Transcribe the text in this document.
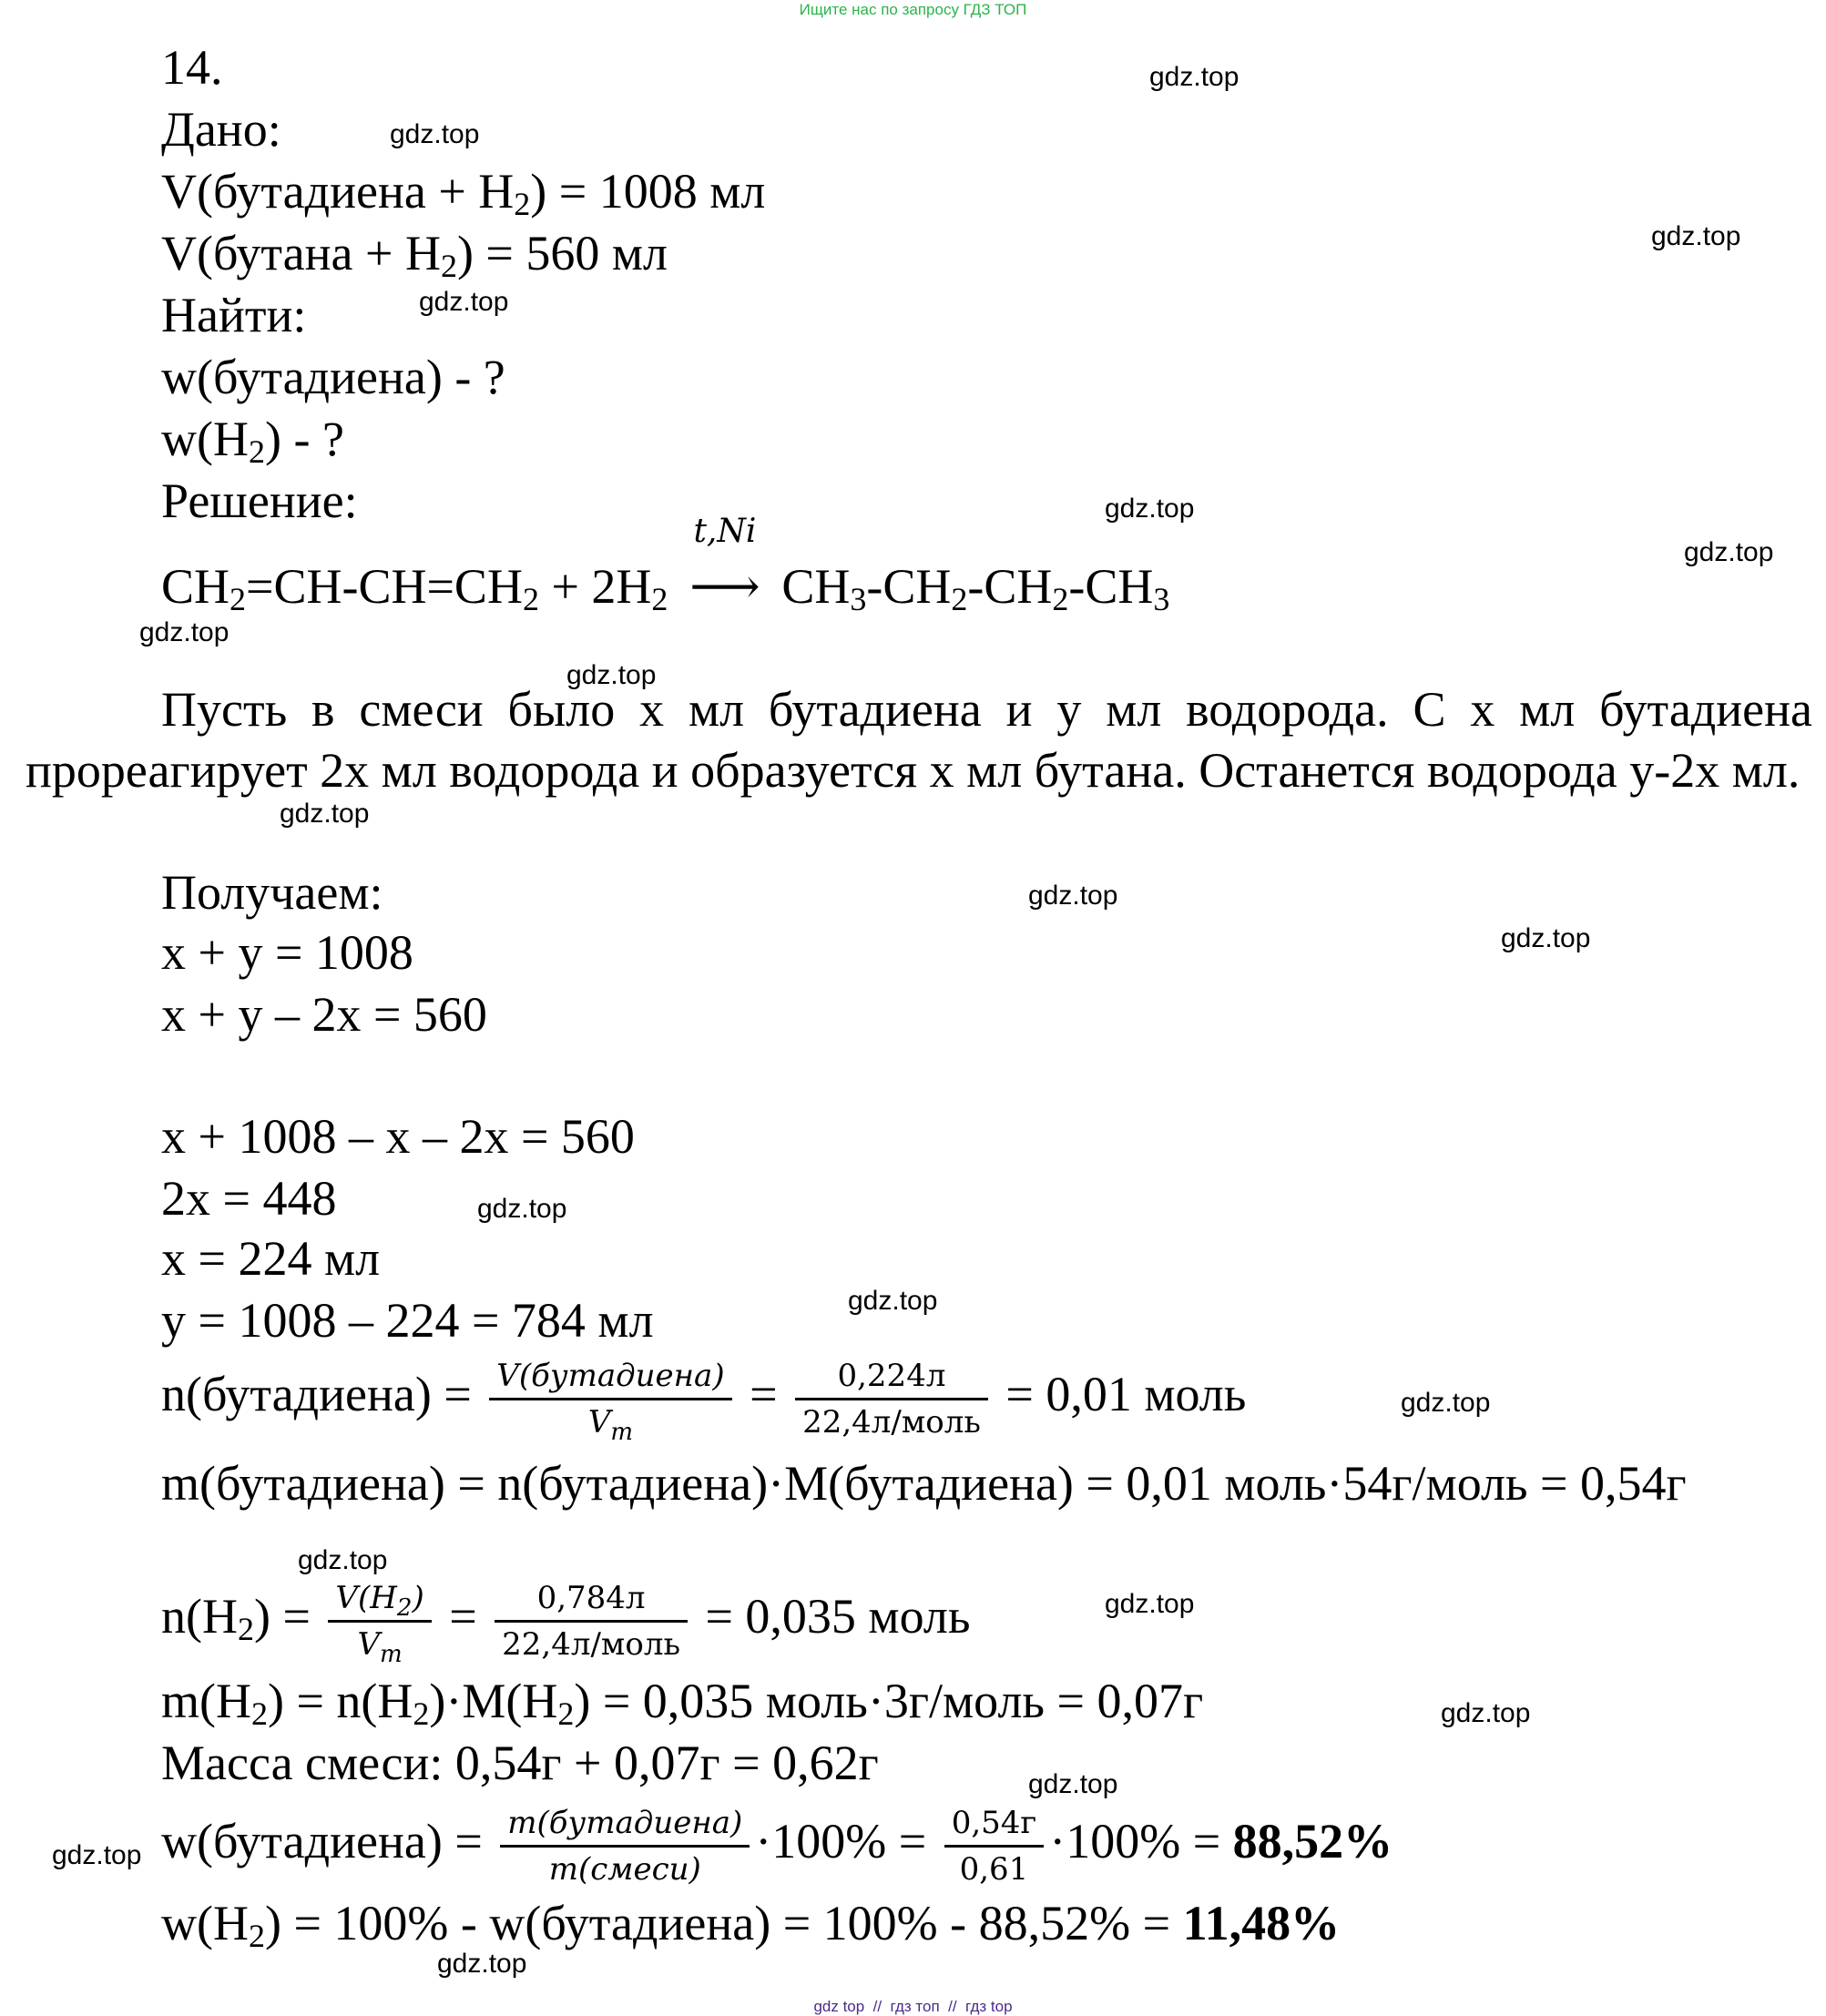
Ищите нас по запросу ГДЗ ТОП
gdz.top
gdz.top
gdz.top
gdz.top
gdz.top
gdz.top
gdz.top
gdz.top
gdz.top
gdz.top
gdz.top
gdz.top
gdz.top
gdz.top
gdz.top
gdz.top
gdz.top
gdz.top
gdz.top
gdz.top
14.
Дано:
V(бутадиена + $H_2) = 1008$ мл
V(бутана + $H_2) = 560$ мл
Найти:
w(бутадиена) - ?
$w(H_2)$ - ?
Решение:
$CH_2=CH-CH=CH_2 + 2H_2$
t,Ni
⟶ $CH_3-CH_2-CH_2-CH_3$
Пусть в смеси было x мл бутадиена и y мл водорода. С x мл бутадиена прореагирует 2x мл водорода и образуется x мл бутана. Останется водорода y-2x мл.
Получаем:
x + y = 1008
x + y – 2x = 560
x + 1008 – x – 2x = 560
2x = 448
x = 224 мл
y = 1008 – 224 = 784 мл
n(бутадиена) = $\frac{\text{V(бутадиена)}}{V_m} = \frac{0,224л}{\text{22,4л/моль}} = 0,01$ моль
m(бутадиена) = n(бутадиена)·M(бутадиена) = 0,01 моль·54г/моль = 0,54г
$n(H_2) = \frac{V(H_2)}{V_m} = \frac{0,784л}{\text{22,4л/моль}} = 0,035$ моль
$m(H_2) = n(H_2)\cdot M(H_2) = 0,035$ моль·3г/моль = 0,07г
Масса смеси: 0,54г + 0,07г = 0,62г
w(бутадиена) = $\frac{\text{m(бутадиена)}}{\text{m(смеси)}} \cdot 100\% = \frac{0,54г}{0,61} \cdot 100\% = 88,52\%$
$w(H_2) = 100\%$ - w(бутадиена) = 100% - 88,52% = 11,48%
gdz top  //  гдз топ  //  гдз top
